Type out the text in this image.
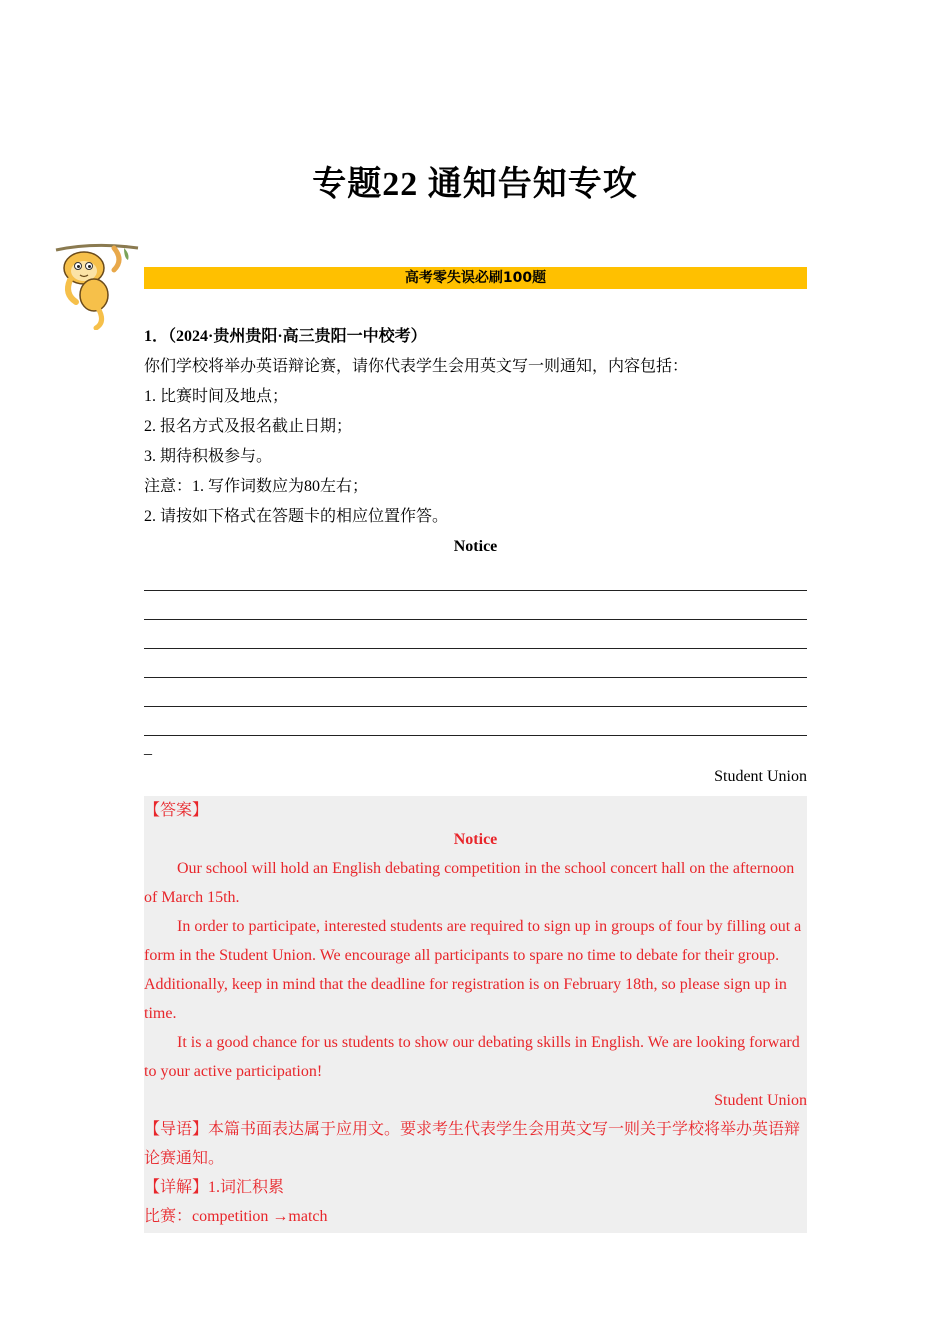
专题22 通知告知专攻
高考零失误必刷100题
1．（2024·贵州贵阳·高三贵阳一中校考）
你们学校将举办英语辩论赛，请你代表学生会用英文写一则通知，内容包括：
1. 比赛时间及地点；
2. 报名方式及报名截止日期；
3. 期待积极参与。
注意：1. 写作词数应为80左右；
2. 请按如下格式在答题卡的相应位置作答。
Notice
_
Student Union
【答案】
Notice
Our school will hold an English debating competition in the school concert hall on the afternoon of March 15th.
In order to participate, interested students are required to sign up in groups of four by filling out a form in the Student Union. We encourage all participants to spare no time to debate for their group. Additionally, keep in mind that the deadline for registration is on February 18th, so please sign up in time.
It is a good chance for us students to show our debating skills in English. We are looking forward to your active participation!
Student Union
【导语】本篇书面表达属于应用文。要求考生代表学生会用英文写一则关于学校将举办英语辩论赛通知。
【详解】1.词汇积累
比赛：competition →match
